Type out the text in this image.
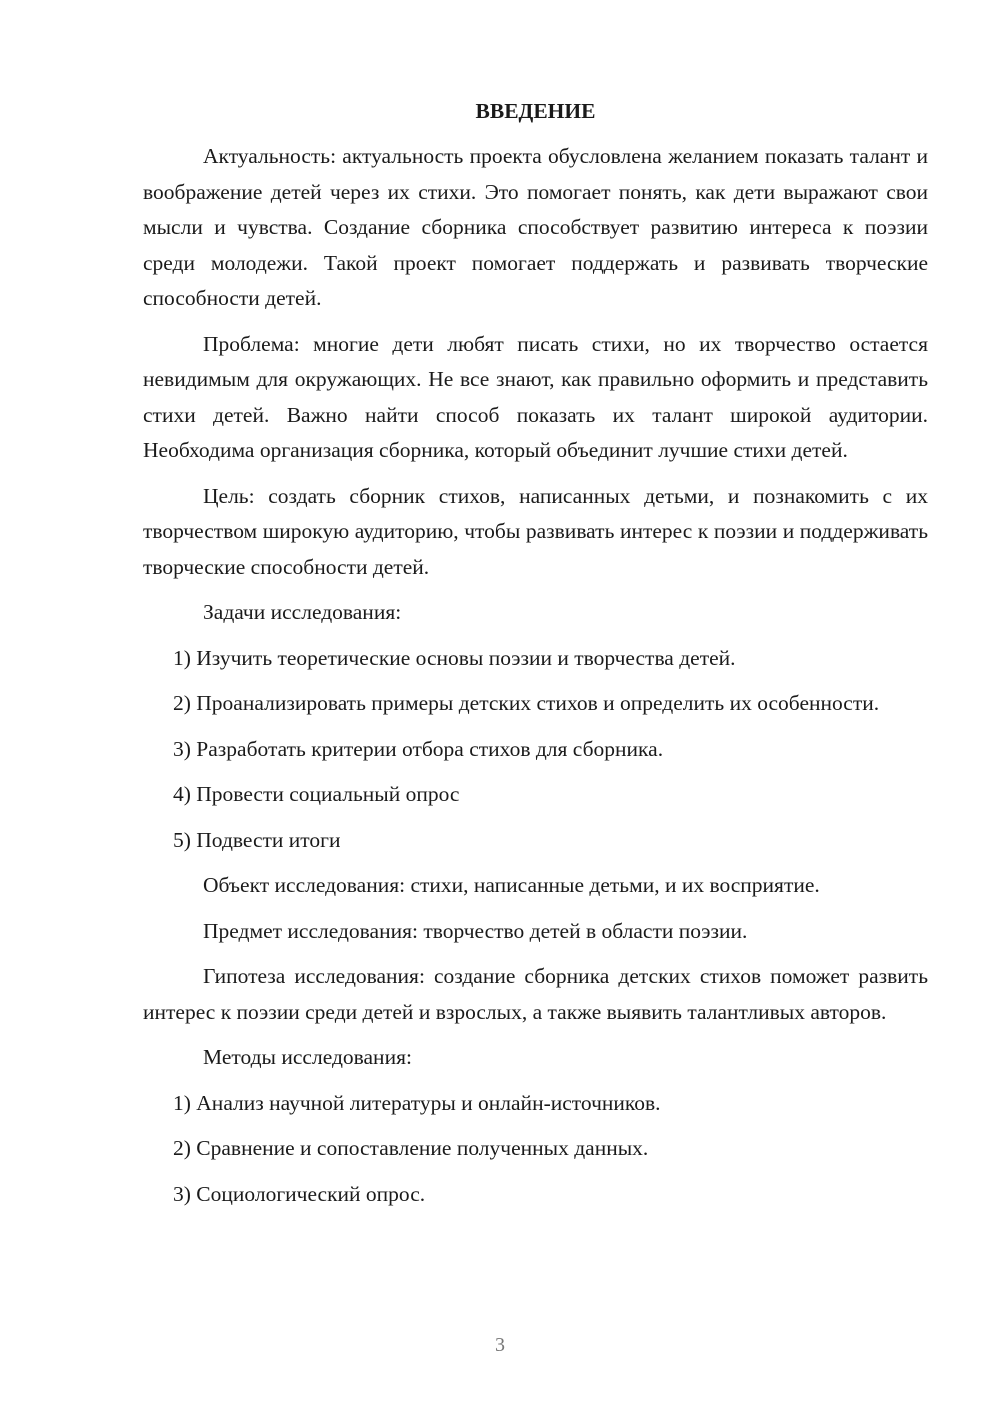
ВВЕДЕНИЕ

Актуальность: актуальность проекта обусловлена желанием показать талант и воображение детей через их стихи. Это помогает понять, как дети выражают свои мысли и чувства. Создание сборника способствует развитию интереса к поэзии среди молодежи. Такой проект помогает поддержать и развивать творческие способности детей.

Проблема: многие дети любят писать стихи, но их творчество остается невидимым для окружающих. Не все знают, как правильно оформить и представить стихи детей. Важно найти способ показать их талант широкой аудитории. Необходима организация сборника, который объединит лучшие стихи детей.

Цель: создать сборник стихов, написанных детьми, и познакомить с их творчеством широкую аудиторию, чтобы развивать интерес к поэзии и поддерживать творческие способности детей.

Задачи исследования:

1) Изучить теоретические основы поэзии и творчества детей.

2) Проанализировать примеры детских стихов и определить их особенности.

3) Разработать критерии отбора стихов для сборника.

4) Провести социальный опрос

5) Подвести итоги

Объект исследования: стихи, написанные детьми, и их восприятие.

Предмет исследования: творчество детей в области поэзии.

Гипотеза исследования: создание сборника детских стихов поможет развить интерес к поэзии среди детей и взрослых, а также выявить талантливых авторов.

Методы исследования:

1) Анализ научной литературы и онлайн-источников.

2) Сравнение и сопоставление полученных данных.

3) Социологический опрос.

3
